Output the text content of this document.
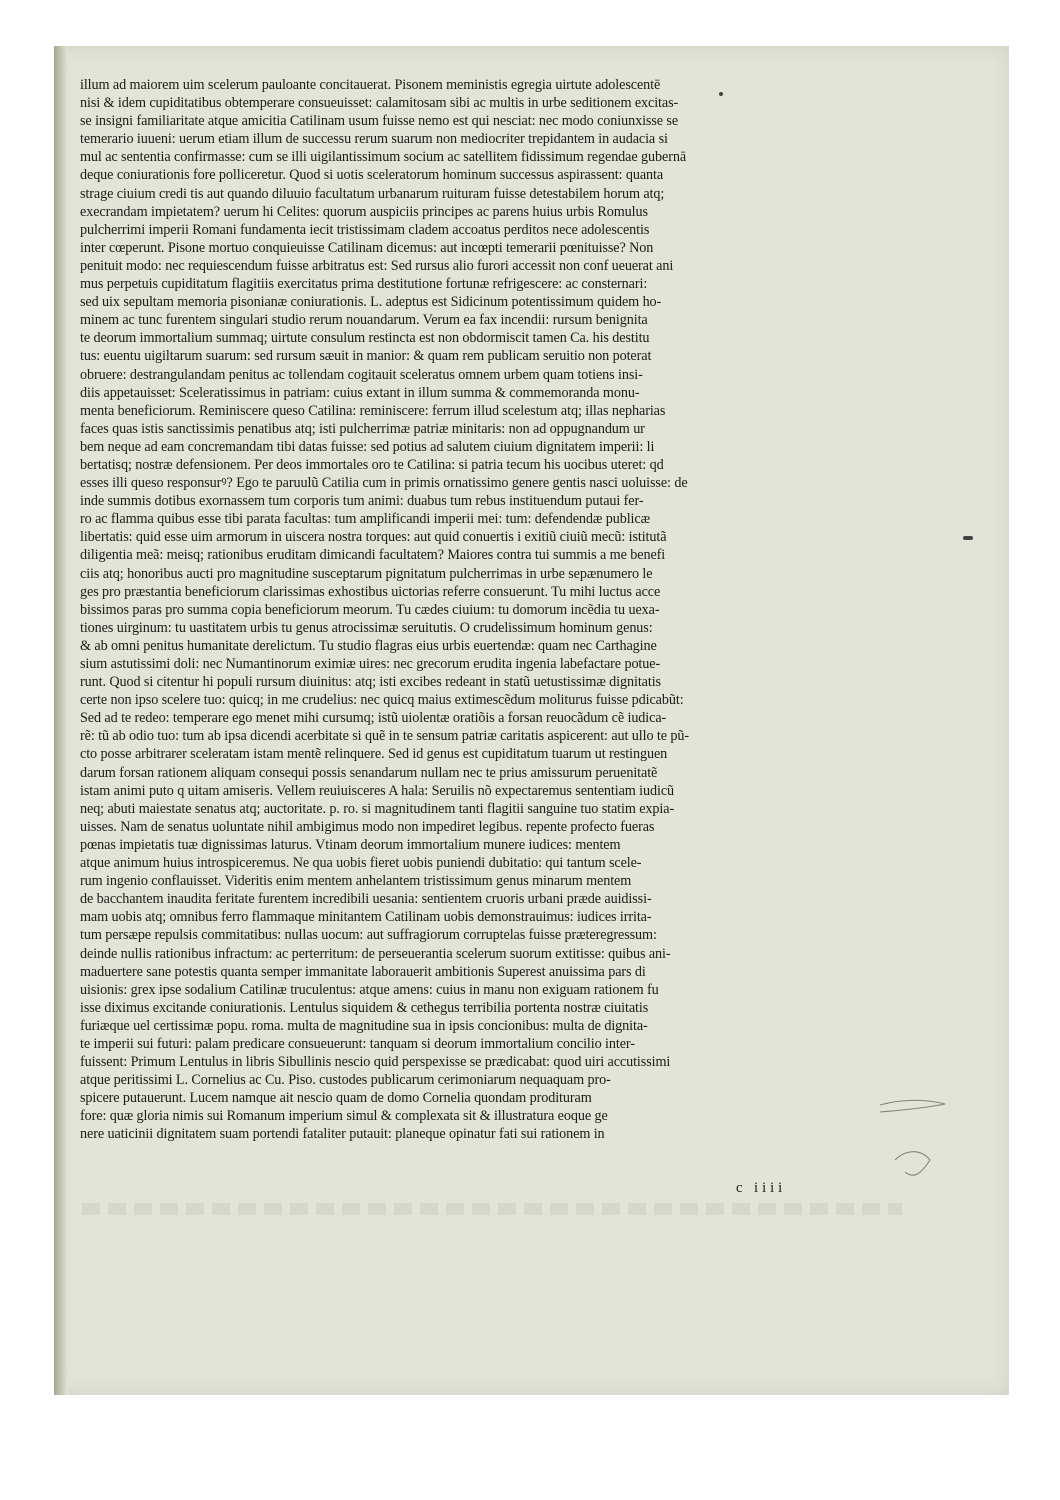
illum ad maiorem uim scelerum pauloante concitauerat. Pisonem meministis egregia uirtute adolescentē
nisi & idem cupiditatibus obtemperare consueuisset: calamitosam sibi ac multis in urbe seditionem excitas-
se insigni familiaritate atque amicitia Catilinam usum fuisse nemo est qui nesciat: nec modo coniunxisse se
temerario iuueni: uerum etiam illum de successu rerum suarum non mediocriter trepidantem in audacia si
mul ac sententia confirmasse: cum se illi uigilantissimum socium ac satellitem fidissimum regendae gubernā
deque coniurationis fore polliceretur. Quod si uotis sceleratorum hominum successus aspirassent: quanta
strage ciuium credi tis aut quando diluuio facultatum urbanarum ruituram fuisse detestabilem horum atq;
execrandam impietatem? uerum hi Celites: quorum auspiciis principes ac parens huius urbis Romulus
pulcherrimi imperii Romani fundamenta iecit tristissimam cladem accoatus perditos nece adolescentis
inter cœperunt. Pisone mortuo conquieuisse Catilinam dicemus: aut incœpti temerarii pœnituisse? Non
penituit modo: nec requiescendum fuisse arbitratus est: Sed rursus alio furori accessit non conf ueuerat ani
mus perpetuis cupiditatum flagitiis exercitatus prima destitutione fortunæ refrigescere: ac consternari:
sed uix sepultam memoria pisonianæ coniurationis. L. adeptus est Sidicinum potentissimum quidem ho-
minem ac tunc furentem singulari studio rerum nouandarum. Verum ea fax incendii: rursum benignita
te deorum immortalium summaq; uirtute consulum restincta est non obdormiscit tamen Ca. his destitu
tus: euentu uigiltarum suarum: sed rursum sæuit in manior: & quam rem publicam seruitio non poterat
obruere: destrangulandam penitus ac tollendam cogitauit sceleratus omnem urbem quam totiens insi-
diis appetauisset: Sceleratissimus in patriam: cuius extant in illum summa & commemoranda monu-
menta beneficiorum. Reminiscere queso Catilina: reminiscere: ferrum illud scelestum atq; illas nepharias
faces quas istis sanctissimis penatibus atq; isti pulcherrimæ patriæ minitaris: non ad oppugnandum ur
bem neque ad eam concremandam tibi datas fuisse: sed potius ad salutem ciuium dignitatem imperii: li
bertatisq; nostræ defensionem. Per deos immortales oro te Catilina: si patria tecum his uocibus uteret: qd
esses illi queso responsurꝰ? Ego te paruulũ Catilia cum in primis ornatissimo genere gentis nasci uoluisse: de
inde summis dotibus exornassem tum corporis tum animi: duabus tum rebus instituendum putaui fer-
ro ac flamma quibus esse tibi parata facultas: tum amplificandi imperii mei: tum: defendendæ publicæ
libertatis: quid esse uim armorum in uiscera nostra torques: aut quid conuertis i exitiũ ciuiũ mecũ: istitutã
diligentia meã: meisq; rationibus eruditam dimicandi facultatem? Maiores contra tui summis a me benefi
ciis atq; honoribus aucti pro magnitudine susceptarum pignitatum pulcherrimas in urbe sepænumero le
ges pro præstantia beneficiorum clarissimas exhostibus uictorias referre consuerunt. Tu mihi luctus acce
bissimos paras pro summa copia beneficiorum meorum. Tu cædes ciuium: tu domorum incẽdia tu uexa-
tiones uirginum: tu uastitatem urbis tu genus atrocissimæ seruitutis. O crudelissimum hominum genus:
& ab omni penitus humanitate derelictum. Tu studio flagras eius urbis euertendæ: quam nec Carthagine
sium astutissimi doli: nec Numantinorum eximiæ uires: nec grecorum erudita ingenia labefactare potue-
runt. Quod si citentur hi populi rursum diuinitus: atq; isti excibes redeant in statũ uetustissimæ dignitatis
certe non ipso scelere tuo: quicq; in me crudelius: nec quicq maius extimescẽdum moliturus fuisse pdicabũt:
Sed ad te redeo: temperare ego menet mihi cursumq; istũ uiolentæ oratiõis a forsan reuocãdum cẽ iudica-
rẽ: tũ ab odio tuo: tum ab ipsa dicendi acerbitate si quẽ in te sensum patriæ caritatis aspicerent: aut ullo te pũ-
cto posse arbitrarer sceleratam istam mentẽ relinquere. Sed id genus est cupiditatum tuarum ut restinguen
darum forsan rationem aliquam consequi possis senandarum nullam nec te prius amissurum peruenitatẽ
istam animi puto q uitam amiseris. Vellem reuiuisceres A hala: Seruilis nõ expectaremus sententiam iudicũ
neq; abuti maiestate senatus atq; auctoritate. p. ro. si magnitudinem tanti flagitii sanguine tuo statim expia-
uisses. Nam de senatus uoluntate nihil ambigimus modo non impediret legibus. repente profecto fueras
pœnas impietatis tuæ dignissimas laturus. Vtinam deorum immortalium munere iudices: mentem
atque animum huius introspiceremus. Ne qua uobis fieret uobis puniendi dubitatio: qui tantum scele-
rum ingenio conflauisset. Videritis enim mentem anhelantem tristissimum genus minarum mentem
de bacchantem inaudita feritate furentem incredibili uesania: sentientem cruoris urbani præde auidissi-
mam uobis atq; omnibus ferro flammaque minitantem Catilinam uobis demonstrauimus: iudices irrita-
tum persæpe repulsis commitatibus: nullas uocum: aut suffragiorum corruptelas fuisse præteregressum:
deinde nullis rationibus infractum: ac perterritum: de perseuerantia scelerum suorum extitisse: quibus ani-
maduertere sane potestis quanta semper immanitate laborauerit ambitionis Superest anuissima pars di
uisionis: grex ipse sodalium Catilinæ truculentus: atque amens: cuius in manu non exiguam rationem fu
isse diximus excitande coniurationis. Lentulus siquidem & cethegus terribilia portenta nostræ ciuitatis
furiæque uel certissimæ popu. roma. multa de magnitudine sua in ipsis concionibus: multa de dignita-
te imperii sui futuri: palam predicare consueuerunt: tanquam si deorum immortalium concilio inter-
fuissent: Primum Lentulus in libris Sibullinis nescio quid perspexisse se prædicabat: quod uiri accutissimi
atque peritissimi L. Cornelius ac Cu. Piso. custodes publicarum cerimoniarum nequaquam pro-
spicere putauerunt. Lucem namque ait nescio quam de domo Cornelia quondam prodituram
fore: quæ gloria nimis sui Romanum imperium simul & complexata sit & illustratura eoque ge
nere uaticinii dignitatem suam portendi fataliter putauit: planeque opinatur fati sui rationem in
c iiii
